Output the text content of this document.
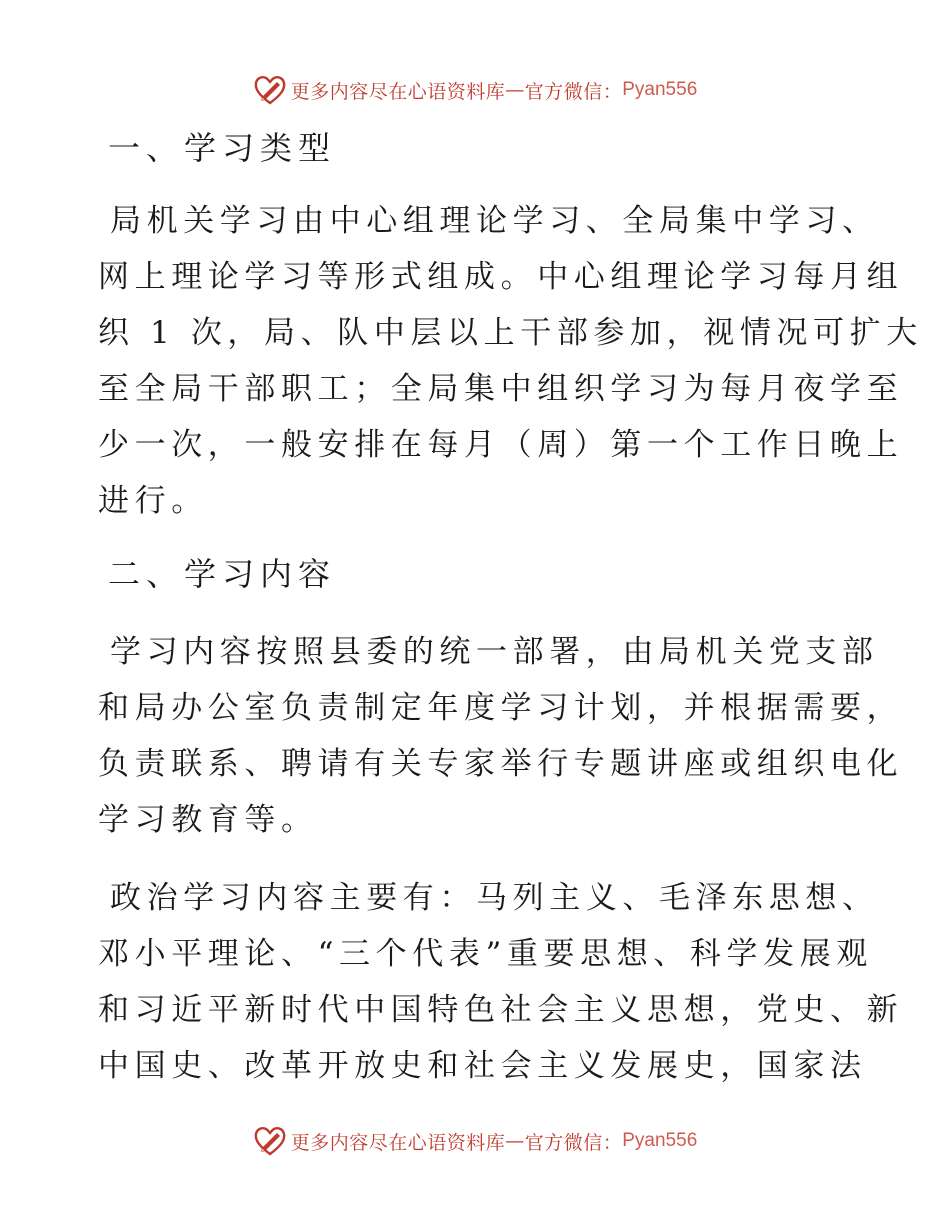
更多内容尽在心语资料库 — 官方微信： Pyan556
一、学习类型

局机关学习由中心组理论学习、全局集中学习、
网上理论学习等形式组成。中心组理论学习每月组
织 1 次，局、队中层以上干部参加，视情况可扩大
至全局干部职工；全局集中组织学习为每月夜学至
少一次，一般安排在每月（周）第一个工作日晚上
进行。

二、学习内容

学习内容按照县委的统一部署，由局机关党支部
和局办公室负责制定年度学习计划，并根据需要，
负责联系、聘请有关专家举行专题讲座或组织电化
学习教育等。

政治学习内容主要有：马列主义、毛泽东思想、
邓小平理论、“三个代表”重要思想、科学发展观
和习近平新时代中国特色社会主义思想，党史、新
中国史、改革开放史和社会主义发展史，国家法

更多内容尽在心语资料库 — 官方微信： Pyan556
